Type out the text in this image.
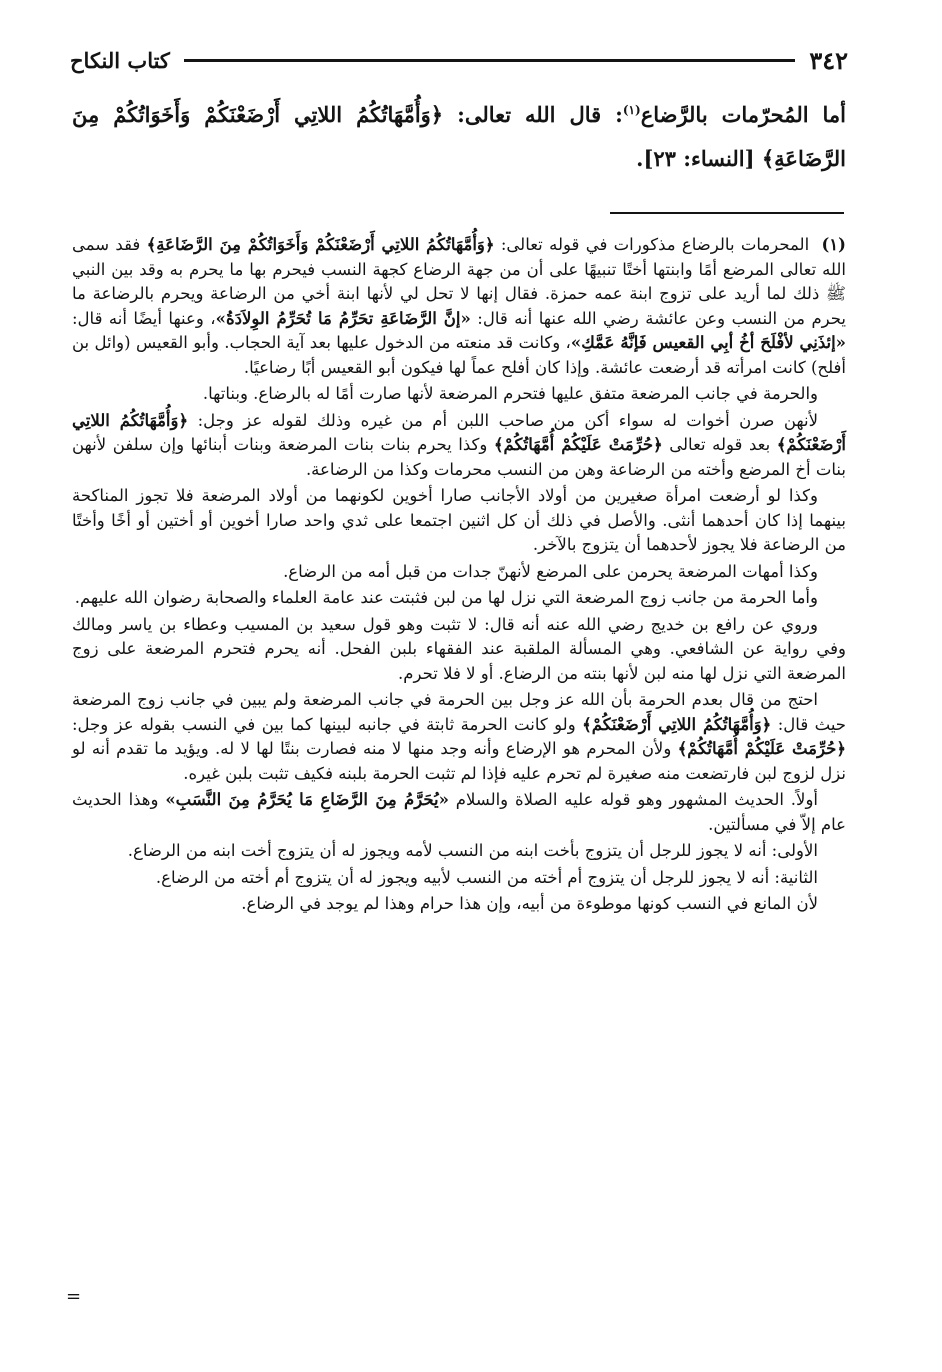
٣٤٢
كتاب النكاح

أما المُحرّمات بالرَّضاع$^{(١)}$: قال الله تعالى: ﴿وَأُمَّهَاتُكُمُ اللاتِي أَرْضَعْنَكُمْ وَأَخَوَاتُكُمْ مِنَ الرَّضَاعَةِ﴾ [النساء: ٢٣].

(١) المحرمات بالرضاع مذكورات في قوله تعالى: ﴿وَأُمَّهَاتُكُمُ اللاتِي أَرْضَعْنَكُمْ وَأَخَوَاتُكُمْ مِنَ الرَّضَاعَةِ﴾ فقد سمى الله تعالى المرضع أمًا وابنتها أختًا تنبيهًا على أن من جهة الرضاع كجهة النسب فيحرم بها ما يحرم به وقد بين النبي ﷺ ذلك لما أريد على تزوج ابنة عمه حمزة. فقال إنها لا تحل لي لأنها ابنة أخي من الرضاعة ويحرم بالرضاعة ما يحرم من النسب وعن عائشة رضي الله عنها أنه قال: «إنَّ الرَّضَاعَةِ تحَرِّمُ مَا تُحَرِّمُ الوِلاَدَةُ»، وعنها أيضًا أنه قال: «إئذَنِي لأفْلَحَ أخُ أبِي القعيس فَإنَّهُ عَمَّكِ»، وكانت قد منعته من الدخول عليها بعد آية الحجاب. وأبو القعيس (وائل بن أفلح) كانت امرأته قد أرضعت عائشة. وإذا كان أفلح عماً لها فيكون أبو القعيس أبًا رضاعيًا.

والحرمة في جانب المرضعة متفق عليها فتحرم المرضعة لأنها صارت أمًا له بالرضاع. وبناتها.

لأنهن صرن أخوات له سواء أكن من صاحب اللبن أم من غيره وذلك لقوله عز وجل: ﴿وَأُمَّهَاتُكُمُ اللاتِي أَرْضَعْنَكُمْ﴾ بعد قوله تعالى ﴿حُرِّمَتْ عَلَيْكُمْ أُمَّهَاتُكُمْ﴾ وكذا يحرم بنات بنات المرضعة وبنات أبنائها وإن سلفن لأنهن بنات أخ المرضع وأخته من الرضاعة وهن من النسب محرمات وكذا من الرضاعة.

وكذا لو أرضعت امرأة صغيرين من أولاد الأجانب صارا أخوين لكونهما من أولاد المرضعة فلا تجوز المناكحة بينهما إذا كان أحدهما أنثى. والأصل في ذلك أن كل اثنين اجتمعا على ثدي واحد صارا أخوين أو أختين أو أخًا وأختًا من الرضاعة فلا يجوز لأحدهما أن يتزوج بالآخر.

وكذا أمهات المرضعة يحرمن على المرضع لأنهنّ جدات من قبل أمه من الرضاع.

وأما الحرمة من جانب زوج المرضعة التي نزل لها من لبن فثبتت عند عامة العلماء والصحابة رضوان الله عليهم.

وروي عن رافع بن خديج رضي الله عنه أنه قال: لا تثبت وهو قول سعيد بن المسيب وعطاء بن ياسر ومالك وفي رواية عن الشافعي. وهي المسألة الملقبة عند الفقهاء بلبن الفحل. أنه يحرم فتحرم المرضعة على زوج المرضعة التي نزل لها منه لبن لأنها بنته من الرضاع. أو لا فلا تحرم.

احتج من قال بعدم الحرمة بأن الله عز وجل بين الحرمة في جانب المرضعة ولم يبين في جانب زوج المرضعة حيث قال: ﴿وَأُمَّهَاتُكُمُ اللاتِي أَرْضَعْنَكُمْ﴾ ولو كانت الحرمة ثابتة في جانبه لبينها كما بين في النسب بقوله عز وجل: ﴿حُرِّمَتْ عَلَيْكُمْ أُمَّهَاتُكُمْ﴾ ولأن المحرم هو الإرضاع وأنه وجد منها لا منه فصارت بنتًا لها لا له. ويؤيد ما تقدم أنه لو نزل لزوج لبن فارتضعت منه صغيرة لم تحرم عليه فإذا لم تثبت الحرمة بلبنه فكيف تثبت بلبن غيره.

أولاً. الحديث المشهور وهو قوله عليه الصلاة والسلام «يُحَرَّمُ مِنَ الرَّضَاعِ مَا يُحَرَّمُ مِنَ النَّسَبِ» وهذا الحديث عام إلاّ في مسألتين.

الأولى: أنه لا يجوز للرجل أن يتزوج بأخت ابنه من النسب لأمه ويجوز له أن يتزوج أخت ابنه من الرضاع.

الثانية: أنه لا يجوز للرجل أن يتزوج أم أخته من النسب لأبيه ويجوز له أن يتزوج أم أخته من الرضاع.

لأن المانع في النسب كونها موطوءة من أبيه، وإن هذا حرام وهذا لم يوجد في الرضاع.

=
